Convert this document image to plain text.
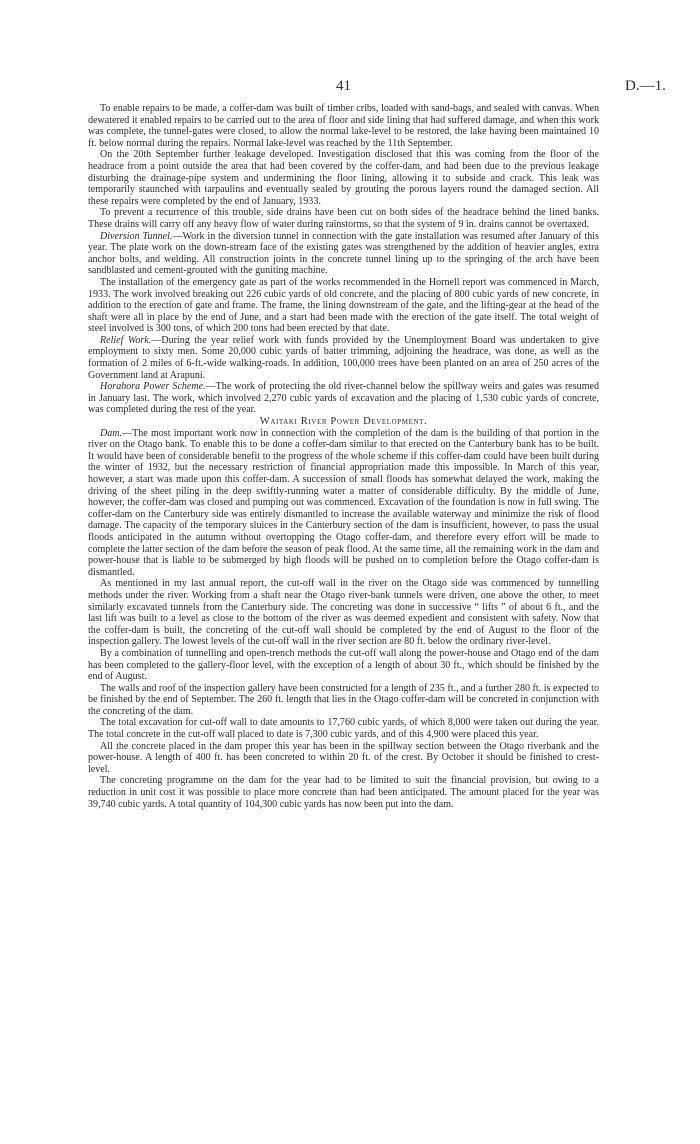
41	D.—1.

To enable repairs to be made, a coffer-dam was built of timber cribs, loaded with sand-bags, and sealed with canvas. When dewatered it enabled repairs to be carried out to the area of floor and side lining that had suffered damage, and when this work was complete, the tunnel-gates were closed, to allow the normal lake-level to be restored, the lake having been maintained 10 ft. below normal during the repairs. Normal lake-level was reached by the 11th September.

On the 20th September further leakage developed. Investigation disclosed that this was coming from the floor of the headrace from a point outside the area that had been covered by the coffer-dam, and had been due to the previous leakage disturbing the drainage-pipe system and undermining the floor lining, allowing it to subside and crack. This leak was temporarily staunched with tarpaulins and eventually sealed by grouting the porous layers round the damaged section. All these repairs were completed by the end of January, 1933.

To prevent a recurrence of this trouble, side drains have been cut on both sides of the headrace behind the lined banks. These drains will carry off any heavy flow of water during rainstorms, so that the system of 9 in. drains cannot be overtaxed.

Diversion Tunnel.—Work in the diversion tunnel in connection with the gate installation was resumed after January of this year. The plate work on the down-stream face of the existing gates was strengthened by the addition of heavier angles, extra anchor bolts, and welding. All construction joints in the concrete tunnel lining up to the springing of the arch have been sandblasted and cement-grouted with the guniting machine.

The installation of the emergency gate as part of the works recommended in the Hornell report was commenced in March, 1933. The work involved breaking out 226 cubic yards of old concrete, and the placing of 800 cubic yards of new concrete, in addition to the erection of gate and frame. The frame, the lining downstream of the gate, and the lifting-gear at the head of the shaft were all in place by the end of June, and a start had been made with the erection of the gate itself. The total weight of steel involved is 300 tons, of which 200 tons had been erected by that date.

Relief Work.—During the year relief work with funds provided by the Unemployment Board was undertaken to give employment to sixty men. Some 20,000 cubic yards of batter trimming, adjoining the headrace, was done, as well as the formation of 2 miles of 6-ft.-wide walking-roads. In addition, 100,000 trees have been planted on an area of 250 acres of the Government land at Arapuni.

Horahora Power Scheme.—The work of protecting the old river-channel below the spillway weirs and gates was resumed in January last. The work, which involved 2,270 cubic yards of excavation and the placing of 1,530 cubic yards of concrete, was completed during the rest of the year.

Waitaki River Power Development.

Dam.—The most important work now in connection with the completion of the dam is the building of that portion in the river on the Otago bank. To enable this to be done a coffer-dam similar to that erected on the Canterbury bank has to be built. It would have been of considerable benefit to the progress of the whole scheme if this coffer-dam could have been built during the winter of 1932, but the necessary restriction of financial appropriation made this impossible. In March of this year, however, a start was made upon this coffer-dam. A succession of small floods has somewhat delayed the work, making the driving of the sheet piling in the deep swiftly-running water a matter of considerable difficulty. By the middle of June, however, the coffer-dam was closed and pumping out was commenced. Excavation of the foundation is now in full swing. The coffer-dam on the Canterbury side was entirely dismantled to increase the available waterway and minimize the risk of flood damage. The capacity of the temporary sluices in the Canterbury section of the dam is insufficient, however, to pass the usual floods anticipated in the autumn without overtopping the Otago coffer-dam, and therefore every effort will be made to complete the latter section of the dam before the season of peak flood. At the same time, all the remaining work in the dam and power-house that is liable to be submerged by high floods will be pushed on to completion before the Otago coffer-dam is dismantled.

As mentioned in my last annual report, the cut-off wall in the river on the Otago side was commenced by tunnelling methods under the river. Working from a shaft near the Otago river-bank tunnels were driven, one above the other, to meet similarly excavated tunnels from the Canterbury side. The concreting was done in successive “ lifts ” of about 6 ft., and the last lift was built to a level as close to the bottom of the river as was deemed expedient and consistent with safety. Now that the coffer-dam is built, the concreting of the cut-off wall should be completed by the end of August to the floor of the inspection gallery. The lowest levels of the cut-off wall in the river section are 80 ft. below the ordinary river-level.

By a combination of tunnelling and open-trench methods the cut-off wall along the power-house and Otago end of the dam has been completed to the gallery-floor level, with the exception of a length of about 30 ft., which should be finished by the end of August.

The walls and roof of the inspection gallery have been constructed for a length of 235 ft., and a further 280 ft. is expected to be finished by the end of September. The 260 ft. length that lies in the Otago coffer-dam will be concreted in conjunction with the concreting of the dam.

The total excavation for cut-off wall to date amounts to 17,760 cubic yards, of which 8,000 were taken out during the year. The total concrete in the cut-off wall placed to date is 7,300 cubic yards, and of this 4,900 were placed this year.

All the concrete placed in the dam proper this year has been in the spillway section between the Otago riverbank and the power-house. A length of 400 ft. has been concreted to within 20 ft. of the crest. By October it should be finished to crest-level.

The concreting programme on the dam for the year had to be limited to suit the financial provision, but owing to a reduction in unit cost it was possible to place more concrete than had been anticipated. The amount placed for the year was 39,740 cubic yards. A total quantity of 104,300 cubic yards has now been put into the dam.
